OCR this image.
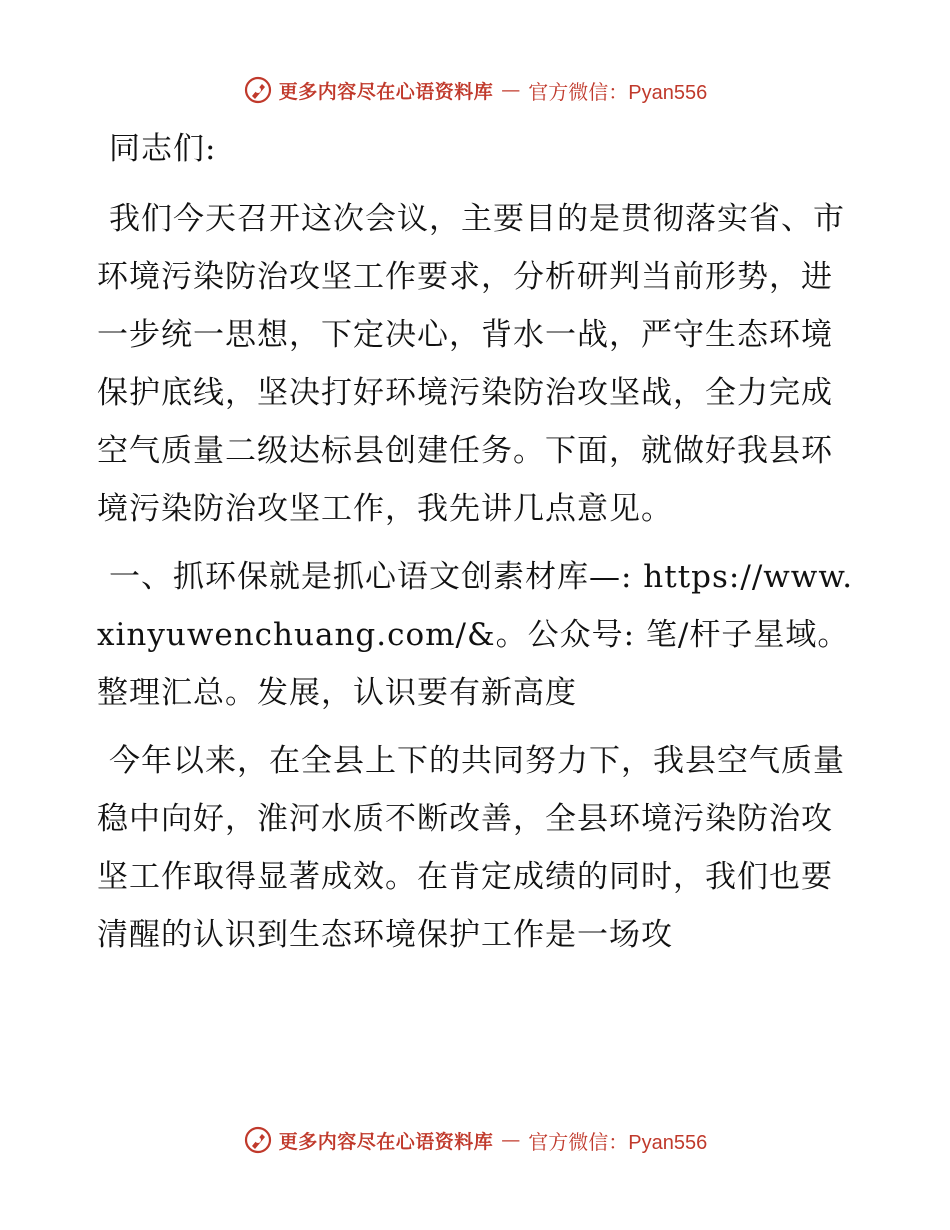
更多内容尽在心语资料库 — 官方微信：Pyan556

同志们:

我们今天召开这次会议，主要目的是贯彻落实省、市环境污染防治攻坚工作要求，分析研判当前形势，进一步统一思想，下定决心，背水一战，严守生态环境保护底线，坚决打好环境污染防治攻坚战，全力完成空气质量二级达标县创建任务。下面，就做好我县环境污染防治攻坚工作，我先讲几点意见。

一、抓环保就是抓心语文创素材库—: https://www.xinyuwenchuang.com/&。公众号: 笔/杆子星域。整理汇总。发展，认识要有新高度

今年以来，在全县上下的共同努力下，我县空气质量稳中向好，淮河水质不断改善，全县环境污染防治攻坚工作取得显著成效。在肯定成绩的同时，我们也要清醒的认识到生态环境保护工作是一场攻

更多内容尽在心语资料库 — 官方微信：Pyan556
